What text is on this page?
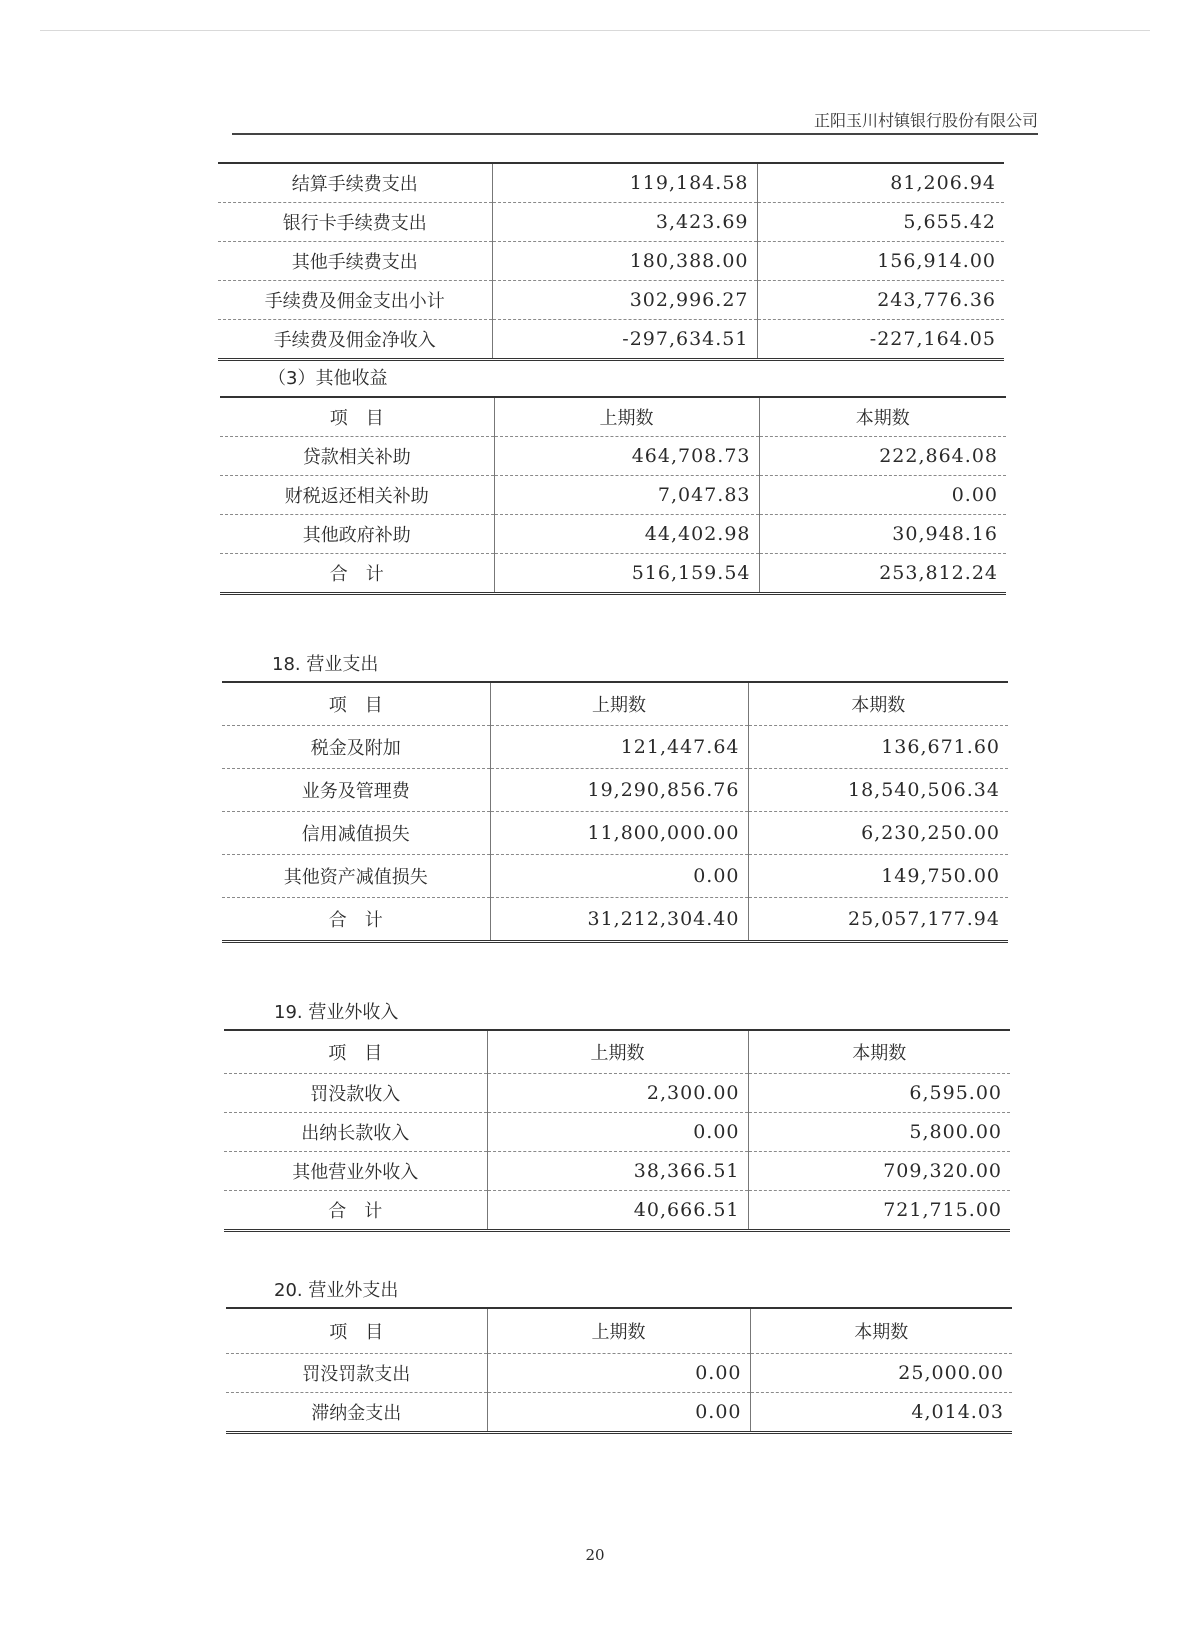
正阳玉川村镇银行股份有限公司
结算手续费支出	119,184.58	81,206.94
银行卡手续费支出	3,423.69	5,655.42
其他手续费支出	180,388.00	156,914.00
手续费及佣金支出小计	302,996.27	243,776.36
手续费及佣金净收入	-297,634.51	-227,164.05
（3）其他收益
项　目	上期数	本期数
贷款相关补助	464,708.73	222,864.08
财税返还相关补助	7,047.83	0.00
其他政府补助	44,402.98	30,948.16
合　计	516,159.54	253,812.24
18. 营业支出
项　目	上期数	本期数
税金及附加	121,447.64	136,671.60
业务及管理费	19,290,856.76	18,540,506.34
信用减值损失	11,800,000.00	6,230,250.00
其他资产减值损失	0.00	149,750.00
合　计	31,212,304.40	25,057,177.94
19. 营业外收入
项　目	上期数	本期数
罚没款收入	2,300.00	6,595.00
出纳长款收入	0.00	5,800.00
其他营业外收入	38,366.51	709,320.00
合　计	40,666.51	721,715.00
20. 营业外支出
项　目	上期数	本期数
罚没罚款支出	0.00	25,000.00
滞纳金支出	0.00	4,014.03
20
